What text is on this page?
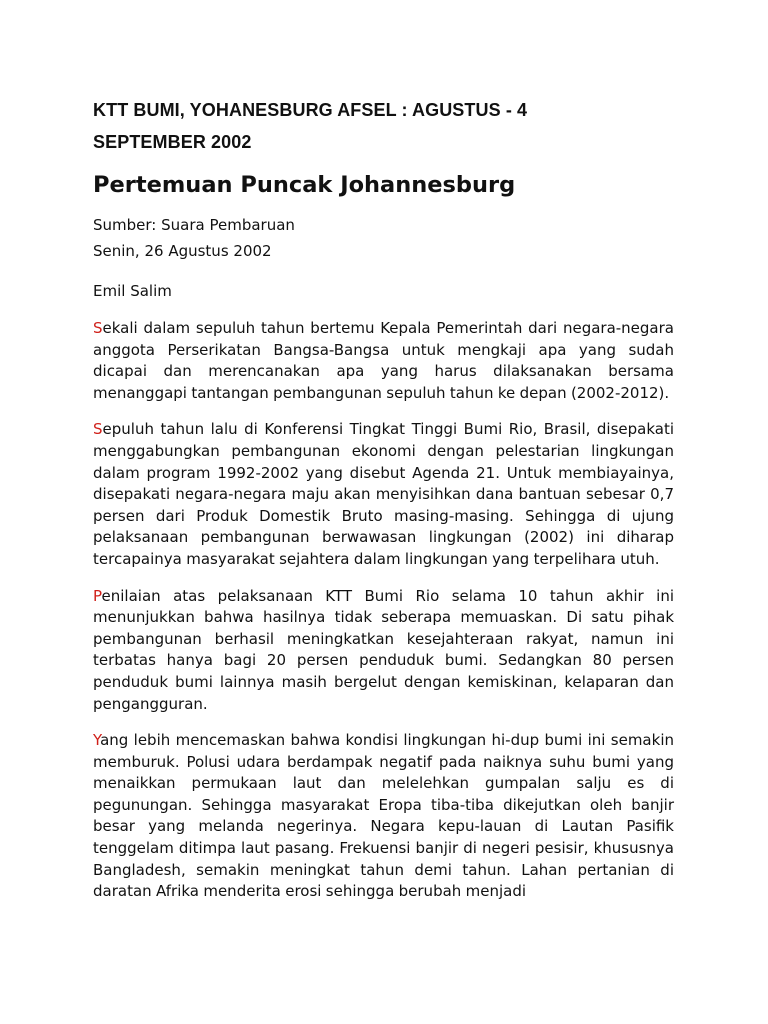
KTT BUMI, YOHANESBURG AFSEL : AGUSTUS - 4
SEPTEMBER 2002
Pertemuan Puncak Johannesburg
Sumber: Suara Pembaruan
Senin, 26 Agustus 2002
Emil Salim

Sekali dalam sepuluh tahun bertemu Kepala Pemerintah dari negara-negara anggota Perserikatan Bangsa-Bangsa untuk mengkaji apa yang sudah dicapai dan merencanakan apa yang harus dilaksanakan bersama menanggapi tantangan pembangunan sepuluh tahun ke depan (2002-2012).

Sepuluh tahun lalu di Konferensi Tingkat Tinggi Bumi Rio, Brasil, disepakati menggabungkan pembangunan ekonomi dengan pelestarian lingkungan dalam program 1992-2002 yang disebut Agenda 21. Untuk membiayainya, disepakati negara-negara maju akan menyisihkan dana bantuan sebesar 0,7 persen dari Produk Domestik Bruto masing-masing. Sehingga di ujung pelaksanaan pembangunan berwawasan lingkungan (2002) ini diharap tercapainya masyarakat sejahtera dalam lingkungan yang terpelihara utuh.

Penilaian atas pelaksanaan KTT Bumi Rio selama 10 tahun akhir ini menunjukkan bahwa hasilnya tidak seberapa memuaskan. Di satu pihak pembangunan berhasil meningkatkan kesejahteraan rakyat, namun ini terbatas hanya bagi 20 persen penduduk bumi. Sedangkan 80 persen penduduk bumi lainnya masih bergelut dengan kemiskinan, kelaparan dan pengangguran.

Yang lebih mencemaskan bahwa kondisi lingkungan hi-dup bumi ini semakin memburuk. Polusi udara berdampak negatif pada naiknya suhu bumi yang menaikkan permukaan laut dan melelehkan gumpalan salju es di pegunungan. Sehingga masyarakat Eropa tiba-tiba dikejutkan oleh banjir besar yang melanda negerinya. Negara kepu-lauan di Lautan Pasifik tenggelam ditimpa laut pasang. Frekuensi banjir di negeri pesisir, khususnya Bangladesh, semakin meningkat tahun demi tahun. Lahan pertanian di daratan Afrika menderita erosi sehingga berubah menjadi
